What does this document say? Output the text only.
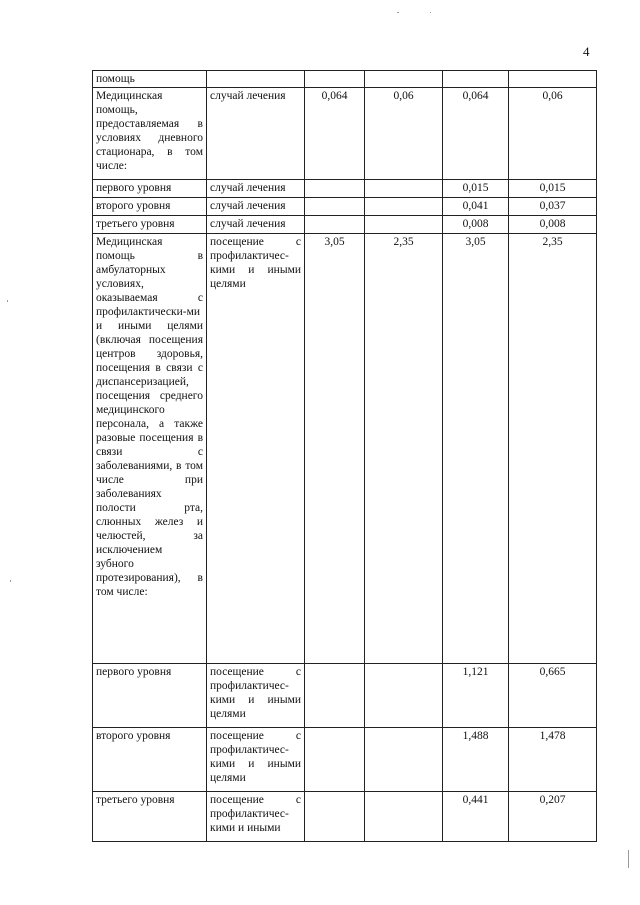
4
помощь					
Медицинская помощь, предоставляемая в условиях дневного стационара, в том числе:	случай лечения	0,064	0,06	0,064	0,06
первого уровня	случай лечения			0,015	0,015
второго уровня	случай лечения			0,041	0,037
третьего уровня	случай лечения			0,008	0,008
Медицинская помощь в амбулаторных условиях, оказываемая с профилактически-ми и иными целями (включая посещения центров здоровья, посещения в связи с диспансеризацией, посещения среднего медицинского персонала, а также разовые посещения в связи с заболеваниями, в том числе при заболеваниях полости рта, слюнных желез и челюстей, за исключением зубного протезирования), в том числе:	посещение с профилактичес-кими и иными целями	3,05	2,35	3,05	2,35
первого уровня	посещение с профилактичес-кими и иными целями			1,121	0,665
второго уровня	посещение с профилактичес-кими и иными целями			1,488	1,478
третьего уровня	посещение с профилактичес-кими и иными			0,441	0,207
